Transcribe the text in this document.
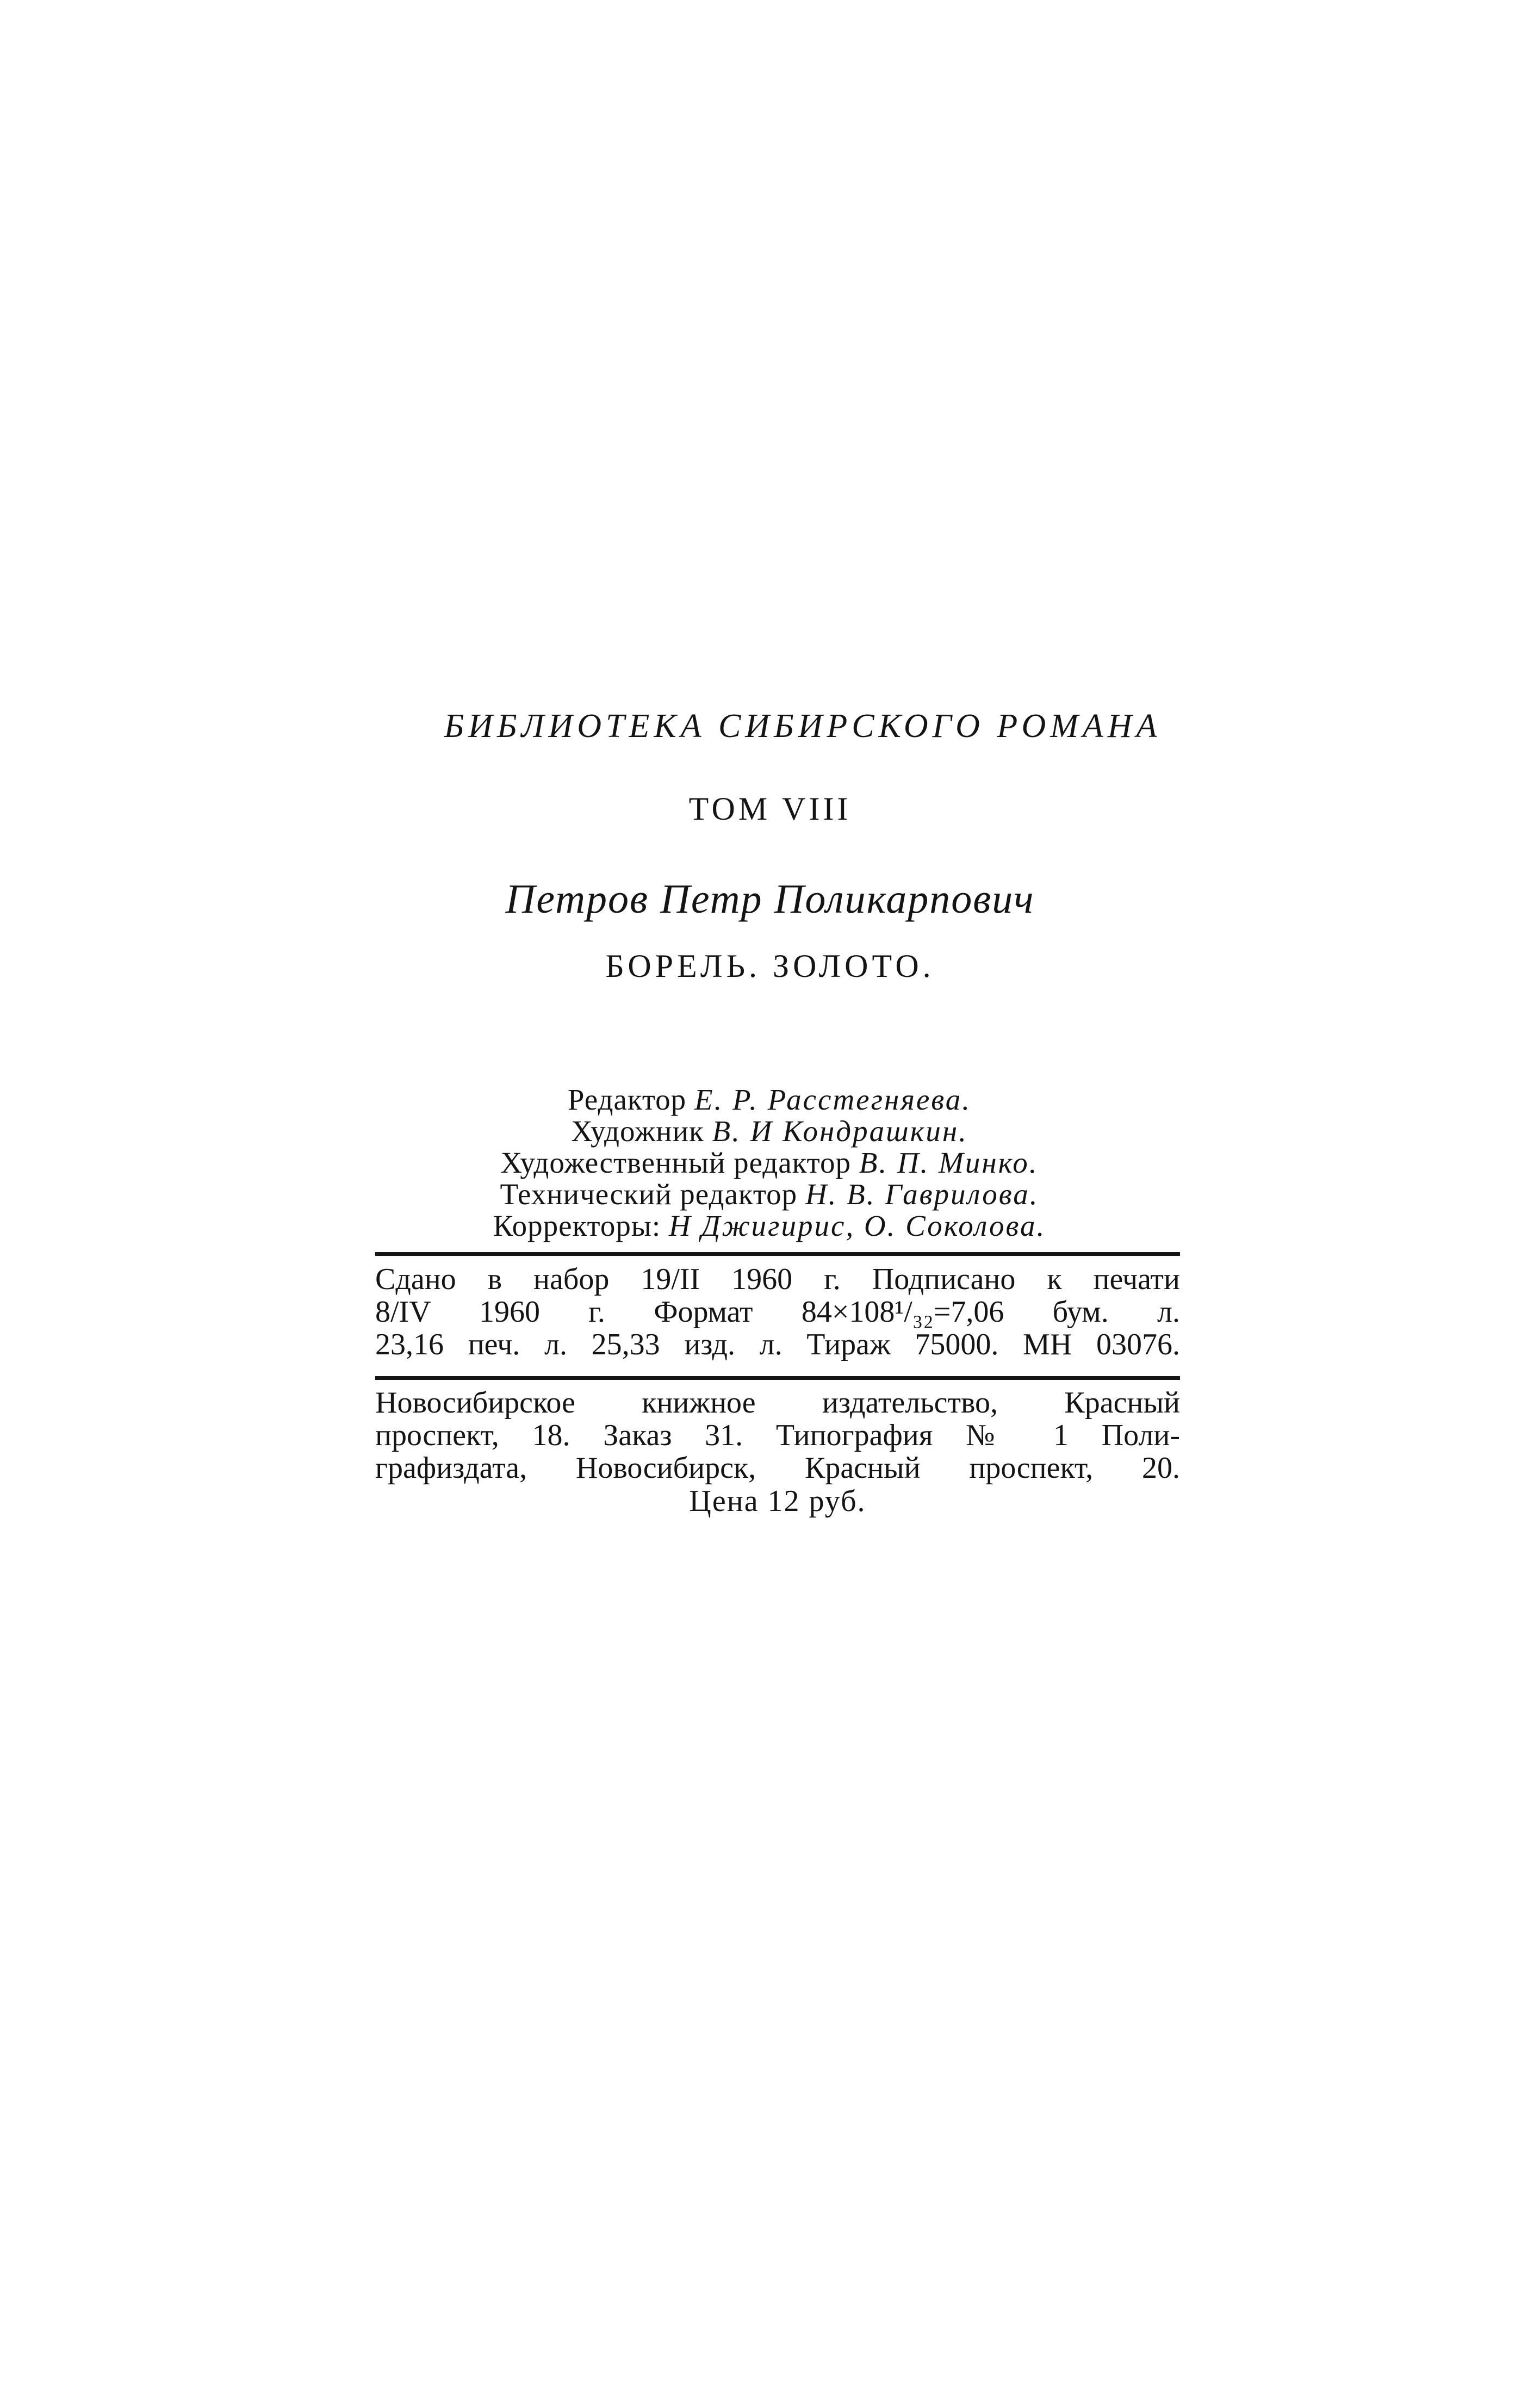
БИБЛИОТЕКА СИБИРСКОГО РОМАНА
ТОМ VIII
Петров Петр Поликарпович
БОРЕЛЬ. ЗОЛОТО.
Редактор Е. Р. Расстегняева.
Художник В. И Кондрашкин.
Художественный редактор В. П. Минко.
Технический редактор Н. В. Гаврилова.
Корректоры: Н Джигирис, О. Соколова.
Сдано в набор 19/II 1960 г. Подписано к печати
8/IV 1960 г. Формат 84×108¹/₃₂=7,06 бум. л.
23,16 печ. л. 25,33 изд. л. Тираж 75000. МН 03076.
Новосибирское книжное издательство, Красный
проспект, 18. Заказ 31. Типография № 1 Поли-
графиздата, Новосибирск, Красный проспект, 20.
Цена 12 руб.
